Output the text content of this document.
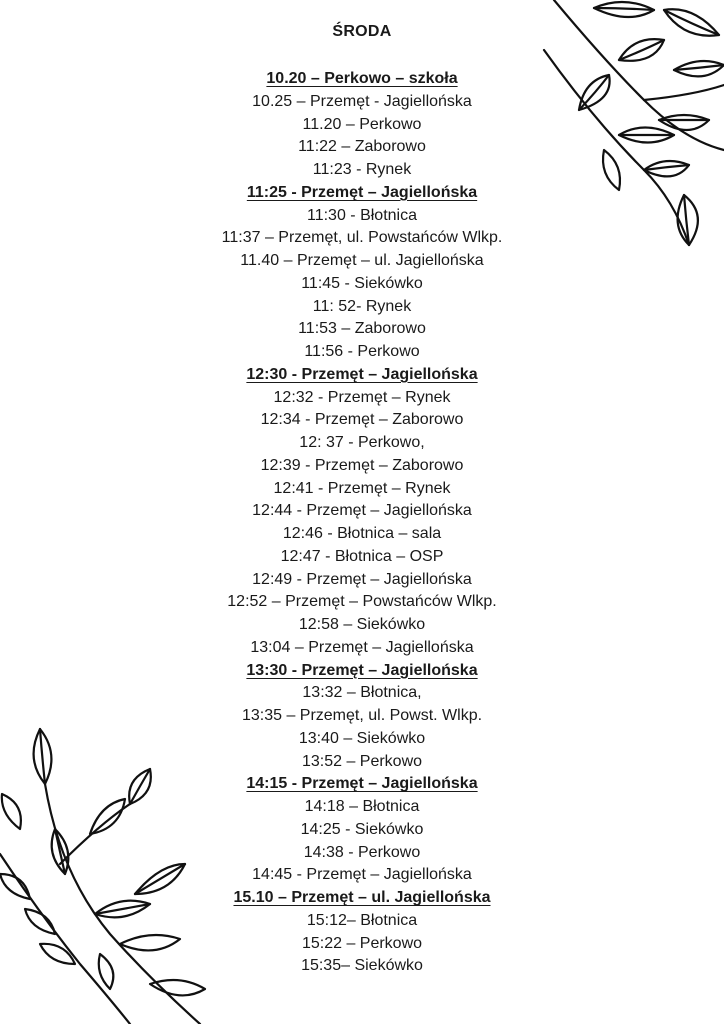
ŚRODA
10.20 – Perkowo – szkoła
10.25 – Przemęt - Jagiellońska
11.20 – Perkowo
11:22 – Zaborowo
11:23 - Rynek
11:25 - Przemęt – Jagiellońska
11:30 - Błotnica
11:37 – Przemęt, ul. Powstańców Wlkp.
11.40 – Przemęt – ul. Jagiellońska
11:45 - Siekówko
11: 52- Rynek
11:53 – Zaborowo
11:56 - Perkowo
12:30 - Przemęt – Jagiellońska
12:32 - Przemęt – Rynek
12:34 - Przemęt – Zaborowo
12: 37 - Perkowo,
12:39 - Przemęt – Zaborowo
12:41 - Przemęt – Rynek
12:44 - Przemęt – Jagiellońska
12:46 - Błotnica – sala
12:47 - Błotnica – OSP
12:49 - Przemęt – Jagiellońska
12:52 – Przemęt – Powstańców Wlkp.
12:58 – Siekówko
13:04 – Przemęt – Jagiellońska
13:30 - Przemęt – Jagiellońska
13:32 – Błotnica,
13:35 – Przemęt, ul. Powst. Wlkp.
13:40 – Siekówko
13:52 – Perkowo
14:15 - Przemęt – Jagiellońska
14:18 – Błotnica
14:25 - Siekówko
14:38 - Perkowo
14:45 - Przemęt – Jagiellońska
15.10 – Przemęt – ul. Jagiellońska
15:12– Błotnica
15:22 – Perkowo
15:35– Siekówko
